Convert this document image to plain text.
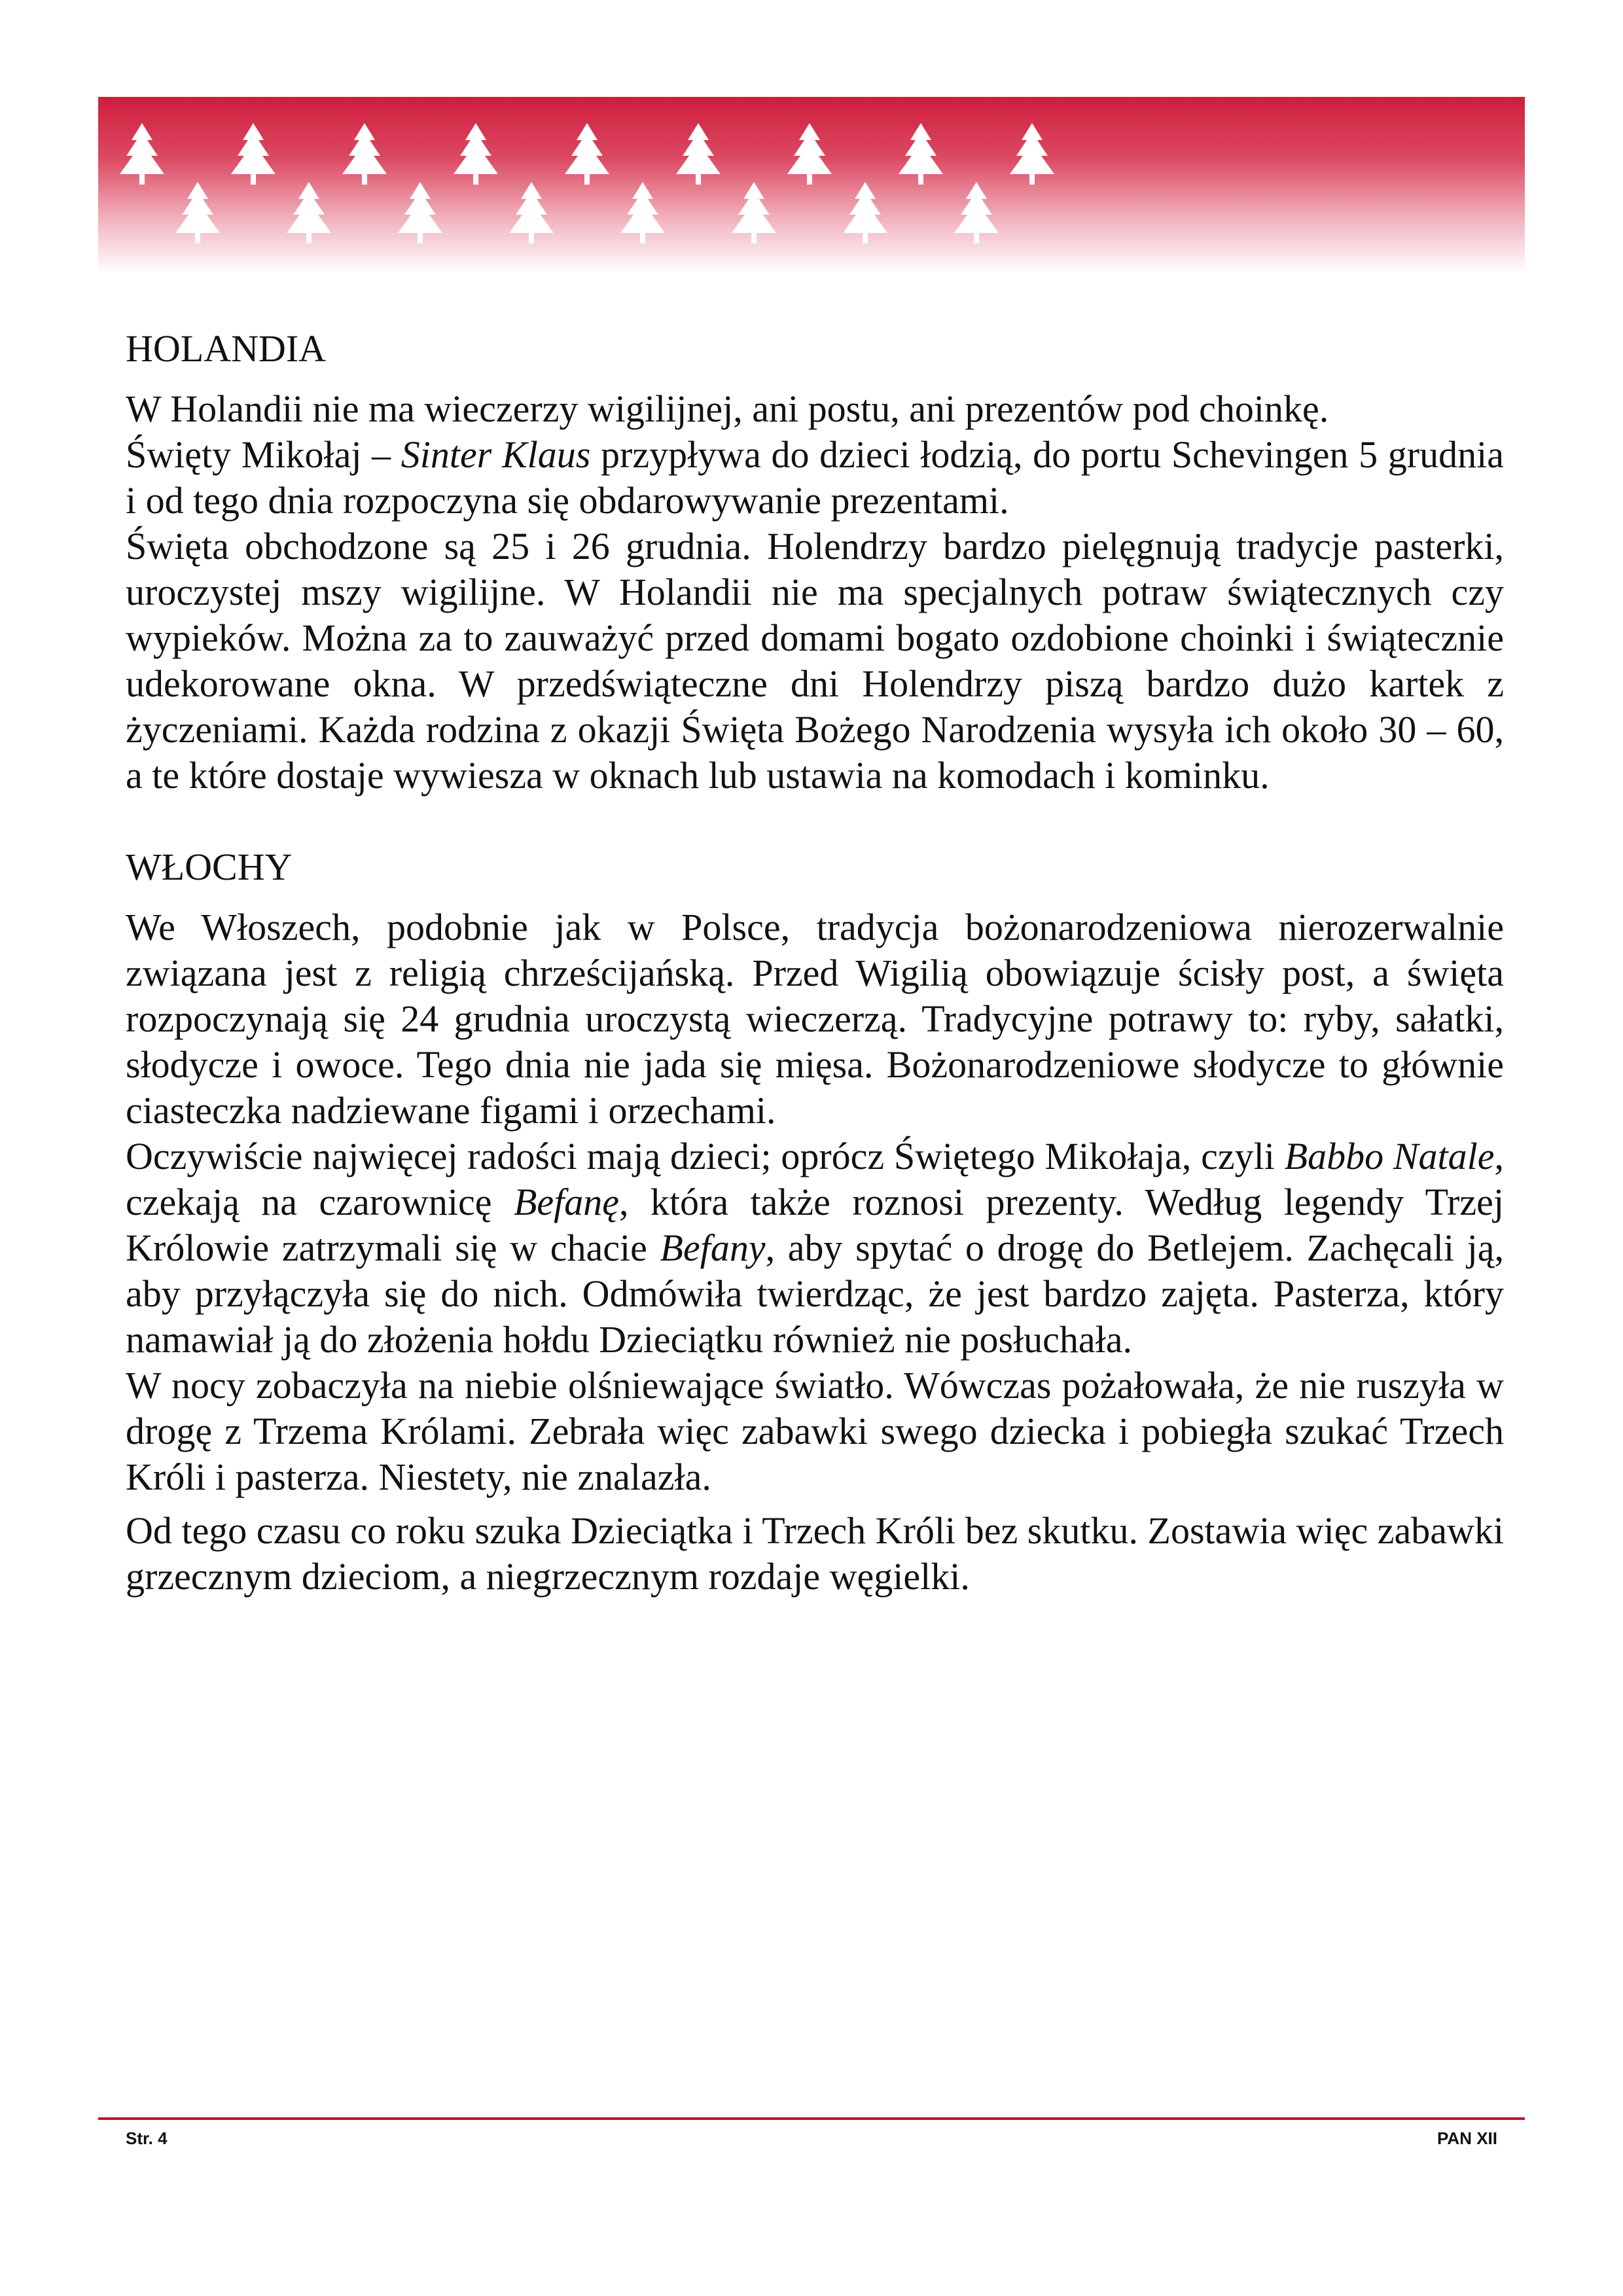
HOLANDIA

W Holandii nie ma wieczerzy wigilijnej, ani postu, ani prezentów pod choinkę.

Święty Mikołaj – Sinter Klaus przypływa do dzieci łodzią, do portu Schevingen 5 grudnia i od tego dnia rozpoczyna się obdarowywanie prezentami.

Święta obchodzone są 25 i 26 grudnia. Holendrzy bardzo pielęgnują tradycje pasterki, uroczystej mszy wigilijne. W Holandii nie ma specjalnych potraw świątecznych czy wypieków. Można za to zauważyć przed domami bogato ozdobione choinki i świątecznie udekorowane okna. W przedświąteczne dni Holendrzy piszą bardzo dużo kartek z życzeniami. Każda rodzina z okazji Święta Bożego Narodzenia wysyła ich około 30 – 60, a te które dostaje wywiesza w oknach lub ustawia na komodach i kominku.

WŁOCHY

We Włoszech, podobnie jak w Polsce, tradycja bożonarodzeniowa nierozerwalnie związana jest z religią chrześcijańską. Przed Wigilią obowiązuje ścisły post, a święta rozpoczynają się 24 grudnia uroczystą wieczerzą. Tradycyjne potrawy to: ryby, sałatki, słodycze i owoce. Tego dnia nie jada się mięsa. Bożonarodzeniowe słodycze to głównie ciasteczka nadziewane figami i orzechami.

Oczywiście najwięcej radości mają dzieci; oprócz Świętego Mikołaja, czyli Babbo Natale, czekają na czarownicę Befanę, która także roznosi prezenty. Według legendy Trzej Królowie zatrzymali się w chacie Befany, aby spytać o drogę do Betlejem. Zachęcali ją, aby przyłączyła się do nich. Odmówiła twierdząc, że jest bardzo zajęta. Pasterza, który namawiał ją do złożenia hołdu Dzieciątku również nie posłuchała.

W nocy zobaczyła na niebie olśniewające światło. Wówczas pożałowała, że nie ruszyła w drogę z Trzema Królami. Zebrała więc zabawki swego dziecka i pobiegła szukać Trzech Króli i pasterza. Niestety, nie znalazła.

Od tego czasu co roku szuka Dzieciątka i Trzech Króli bez skutku. Zostawia więc zabawki grzecznym dzieciom, a niegrzecznym rozdaje węgielki.

Str. 4	PAN XII
